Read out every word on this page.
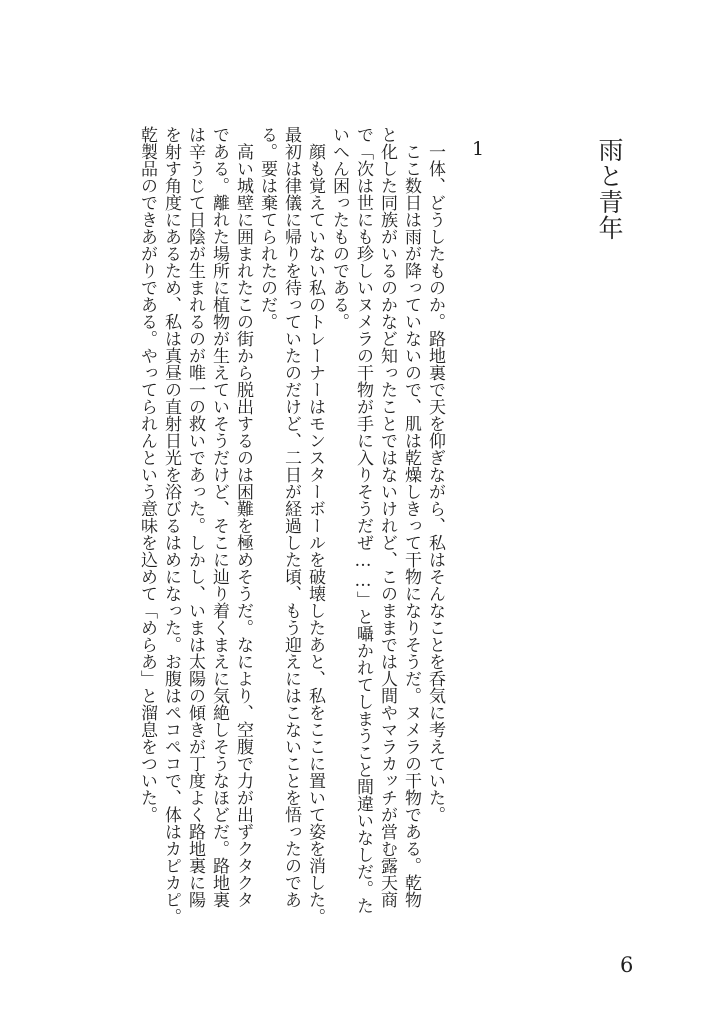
雨と青年
1
一体、どうしたものか。路地裏で天を仰ぎながら、私はそんなことを呑気に考えていた。
ここ数日は雨が降っていないので、肌は乾燥しきって干物になりそうだ。ヌメラの干物である。乾物
と化した同族がいるのかなど知ったことではないけれど、このままでは人間やマラカッチが営む露天商
で「次は世にも珍しいヌメラの干物が手に入りそうだぜ……」と囁かれてしまうこと間違いなしだ。た
いへん困ったものである。
顔も覚えていない私のトレーナーはモンスターボールを破壊したあと、私をここに置いて姿を消した。
最初は律儀に帰りを待っていたのだけど、二日が経過した頃、もう迎えにはこないことを悟ったのであ
る。要は棄てられたのだ。
高い城壁に囲まれたこの街から脱出するのは困難を極めそうだ。なにより、空腹で力が出ずクタクタ
である。離れた場所に植物が生えていそうだけど、そこに辿り着くまえに気絶しそうなほどだ。路地裏
は辛うじて日陰が生まれるのが唯一の救いであった。しかし、いまは太陽の傾きが丁度よく路地裏に陽
を射す角度にあるため、私は真昼の直射日光を浴びるはめになった。お腹はペコペコで、体はカピカピ。
乾製品のできあがりである。やってられんという意味を込めて「めらあ」と溜息をついた。
6
